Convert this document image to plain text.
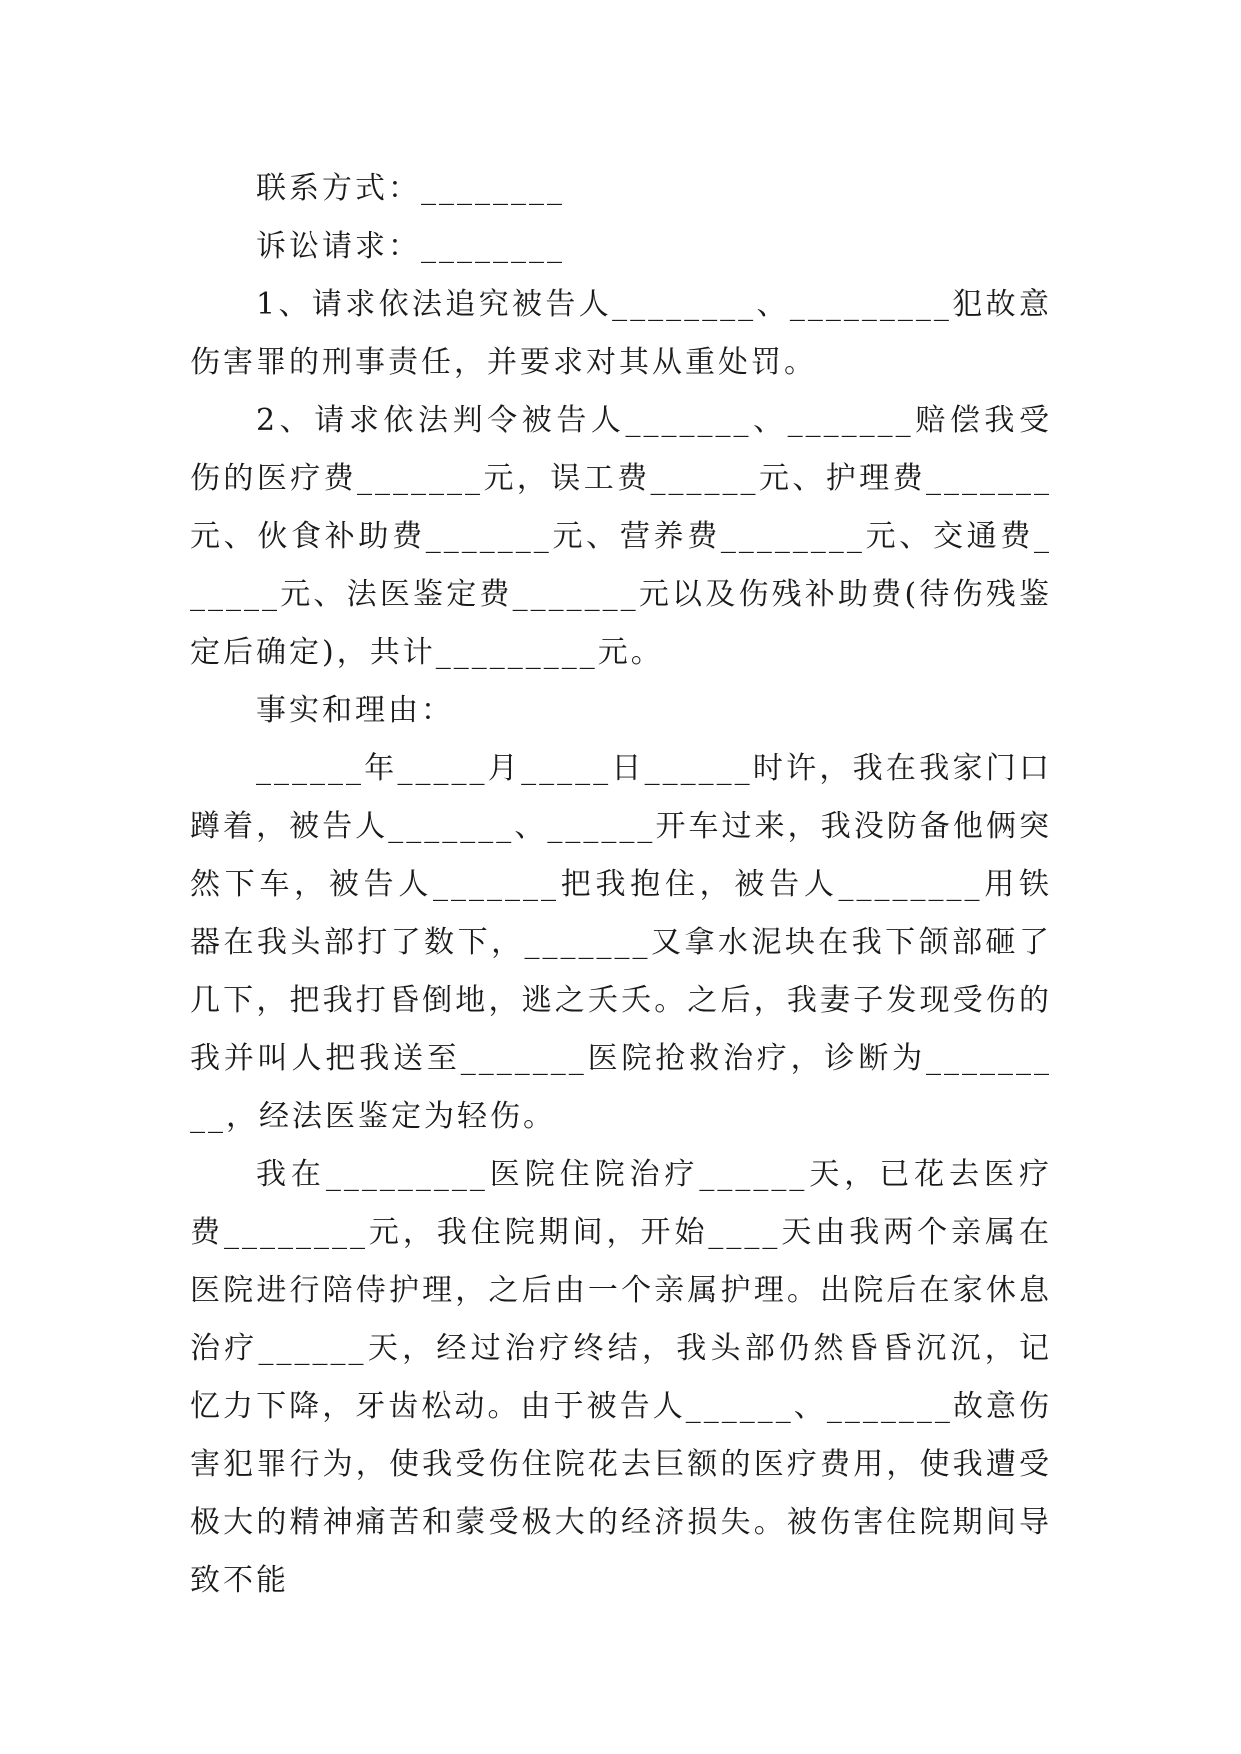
联系方式：________

诉讼请求：________

1、请求依法追究被告人________、_________犯故意伤害罪的刑事责任，并要求对其从重处罚。

2、请求依法判令被告人_______、_______赔偿我受伤的医疗费_______元，误工费______元、护理费_______元、伙食补助费_______元、营养费________元、交通费______元、法医鉴定费_______元以及伤残补助费(待伤残鉴定后确定)，共计_________元。

事实和理由：

______年_____月_____日______时许，我在我家门口蹲着，被告人_______、______开车过来，我没防备他俩突然下车，被告人_______把我抱住，被告人________用铁器在我头部打了数下，_______又拿水泥块在我下颌部砸了几下，把我打昏倒地，逃之夭夭。之后，我妻子发现受伤的我并叫人把我送至_______医院抢救治疗，诊断为_________，经法医鉴定为轻伤。

我在_________医院住院治疗______天，已花去医疗费________元，我住院期间，开始____天由我两个亲属在医院进行陪侍护理，之后由一个亲属护理。出院后在家休息治疗______天，经过治疗终结，我头部仍然昏昏沉沉，记忆力下降，牙齿松动。由于被告人______、_______故意伤害犯罪行为，使我受伤住院花去巨额的医疗费用，使我遭受极大的精神痛苦和蒙受极大的经济损失。被伤害住院期间导致不能
